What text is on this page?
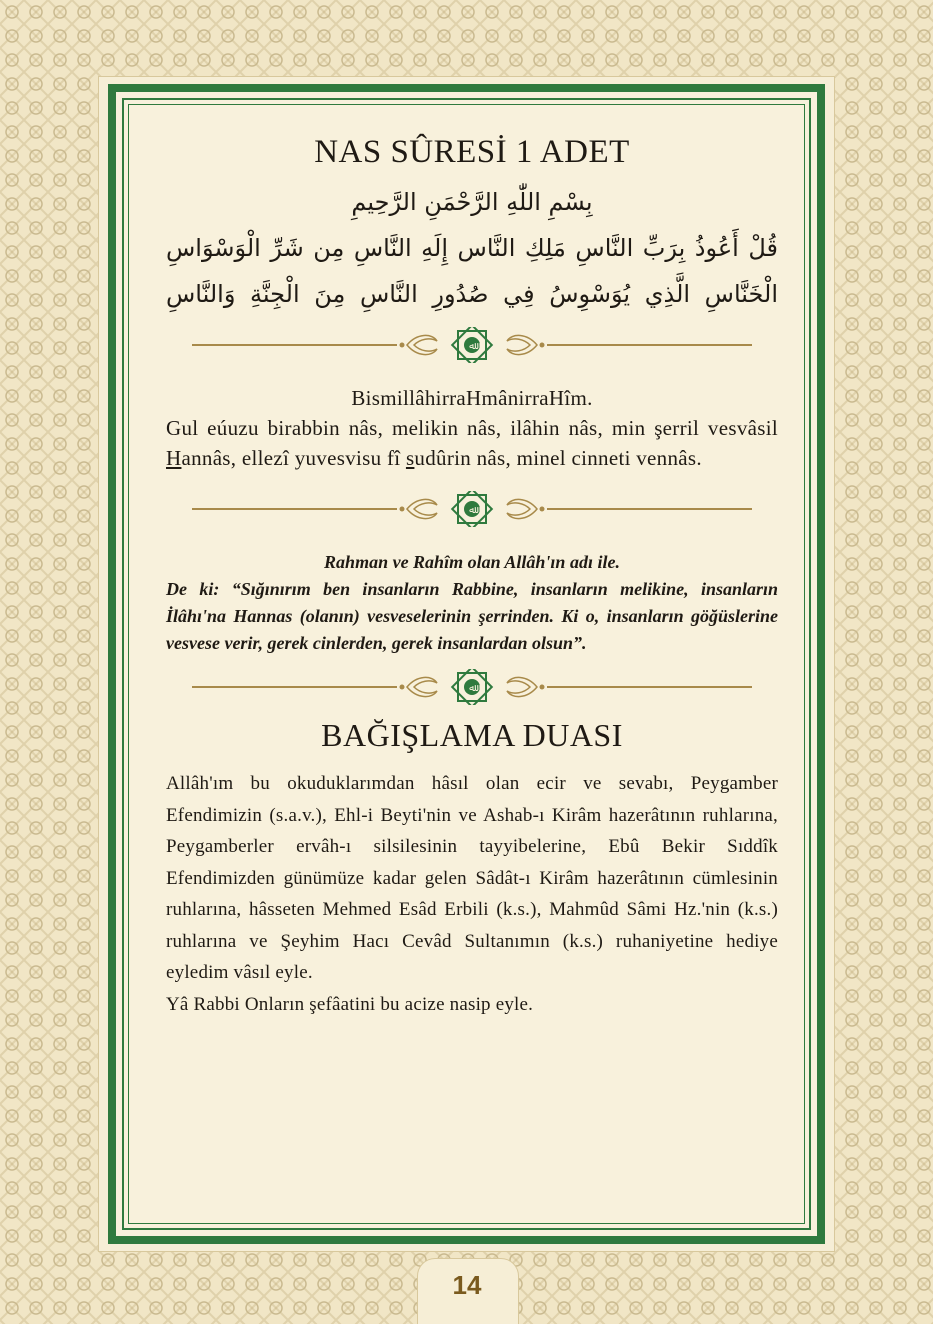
NAS SÛRESİ 1 ADET
بِسْمِ اللّٰهِ الرَّحْمَنِ الرَّحِيمِ
قُلْ أَعُوذُ بِرَبِّ النَّاسِ مَلِكِ النَّاس إِلَهِ النَّاسِ مِن شَرِّ الْوَسْوَاسِ
الْخَنَّاسِ الَّذِي يُوَسْوِسُ فِي صُدُورِ النَّاسِ مِنَ الْجِنَّةِ وَالنَّاسِ
ﷲ
BismillâhirraHmânirraHîm.
Gul eúuzu birabbin nâs, melikin nâs, ilâhin nâs, min şerril vesvâsil Hannâs, ellezî yuvesvisu fî sudûrin nâs, minel cinneti vennâs.
ﷲ
Rahman ve Rahîm olan Allâh'ın adı ile.
De ki: “Sığınırım ben insanların Rabbine, insanların melikine, insanların İlâhı'na Hannas (olanın) vesveselerinin şerrinden. Ki o, insanların göğüslerine vesvese verir, gerek cinlerden, gerek insanlardan olsun”.
ﷲ
BAĞIŞLAMA DUASI
Allâh'ım bu okuduklarımdan hâsıl olan ecir ve sevabı, Peygamber Efendimizin (s.a.v.), Ehl-i Beyti'nin ve Ashab-ı Kirâm hazerâtının ruhlarına, Peygamberler ervâh-ı silsilesinin tayyibelerine, Ebû Bekir Sıddîk Efendimizden günümüze kadar gelen Sâdât-ı Kirâm hazerâtının cümlesinin ruhlarına, hâsseten Mehmed Esâd Erbili (k.s.), Mahmûd Sâmi Hz.'nin (k.s.) ruhlarına ve Şeyhim Hacı Cevâd Sultanımın (k.s.) ruhaniyetine hediye eyledim vâsıl eyle.
Yâ Rabbi Onların şefâatini bu acize nasip eyle.
14
